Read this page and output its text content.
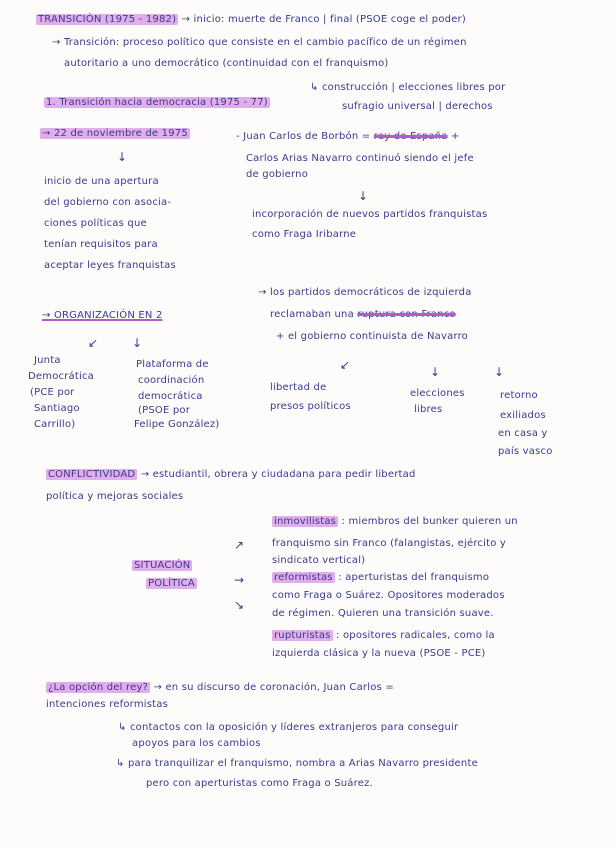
TRANSICIÓN (1975 - 1982) → inicio: muerte de Franco | final (PSOE coge el poder)
→ Transición: proceso político que consiste en el cambio pacífico de un régimen
autoritario a uno democrático (continuidad con el franquismo)
↳ construcción | elecciones libres por
1. Transición hacia democracia (1975 - 77)	sufragio universal | derechos
→ 22 de noviembre de 1975	- Juan Carlos de Borbón = rey de España +
↓	Carlos Arias Navarro continuó siendo el jefe
de gobierno
↓
inicio de una apertura
del gobierno con asocia-
ciones políticas que
tenían requisitos para
aceptar leyes franquistas
incorporación de nuevos partidos franquistas
como Fraga Iribarne
→ los partidos democráticos de izquierda
reclamaban una ruptura con Franco
+ el gobierno continuista de Navarro
→ ORGANIZACIÓN EN 2
↙	↓
Junta
Democrática
(PCE por
Santiago
Carrillo)
Plataforma de
coordinación
democrática
(PSOE por
Felipe González)
↙	↓	↓
libertad de
presos políticos
elecciones
libres
retorno
exiliados
en casa y
país vasco
CONFLICTIVIDAD → estudiantil, obrera y ciudadana para pedir libertad
política y mejoras sociales
inmovilistas : miembros del bunker quieren un
franquismo sin Franco (falangistas, ejército y
sindicato vertical)
↗
SITUACIÓN
POLÍTICA	→
↘
reformistas : aperturistas del franquismo
como Fraga o Suárez. Opositores moderados
de régimen. Quieren una transición suave.
rupturistas : opositores radicales, como la
izquierda clásica y la nueva (PSOE - PCE)
¿La opción del rey? → en su discurso de coronación, Juan Carlos =
intenciones reformistas
↳ contactos con la oposición y líderes extranjeros para conseguir
apoyos para los cambios
↳ para tranquilizar el franquismo, nombra a Arias Navarro presidente
pero con aperturistas como Fraga o Suárez.
